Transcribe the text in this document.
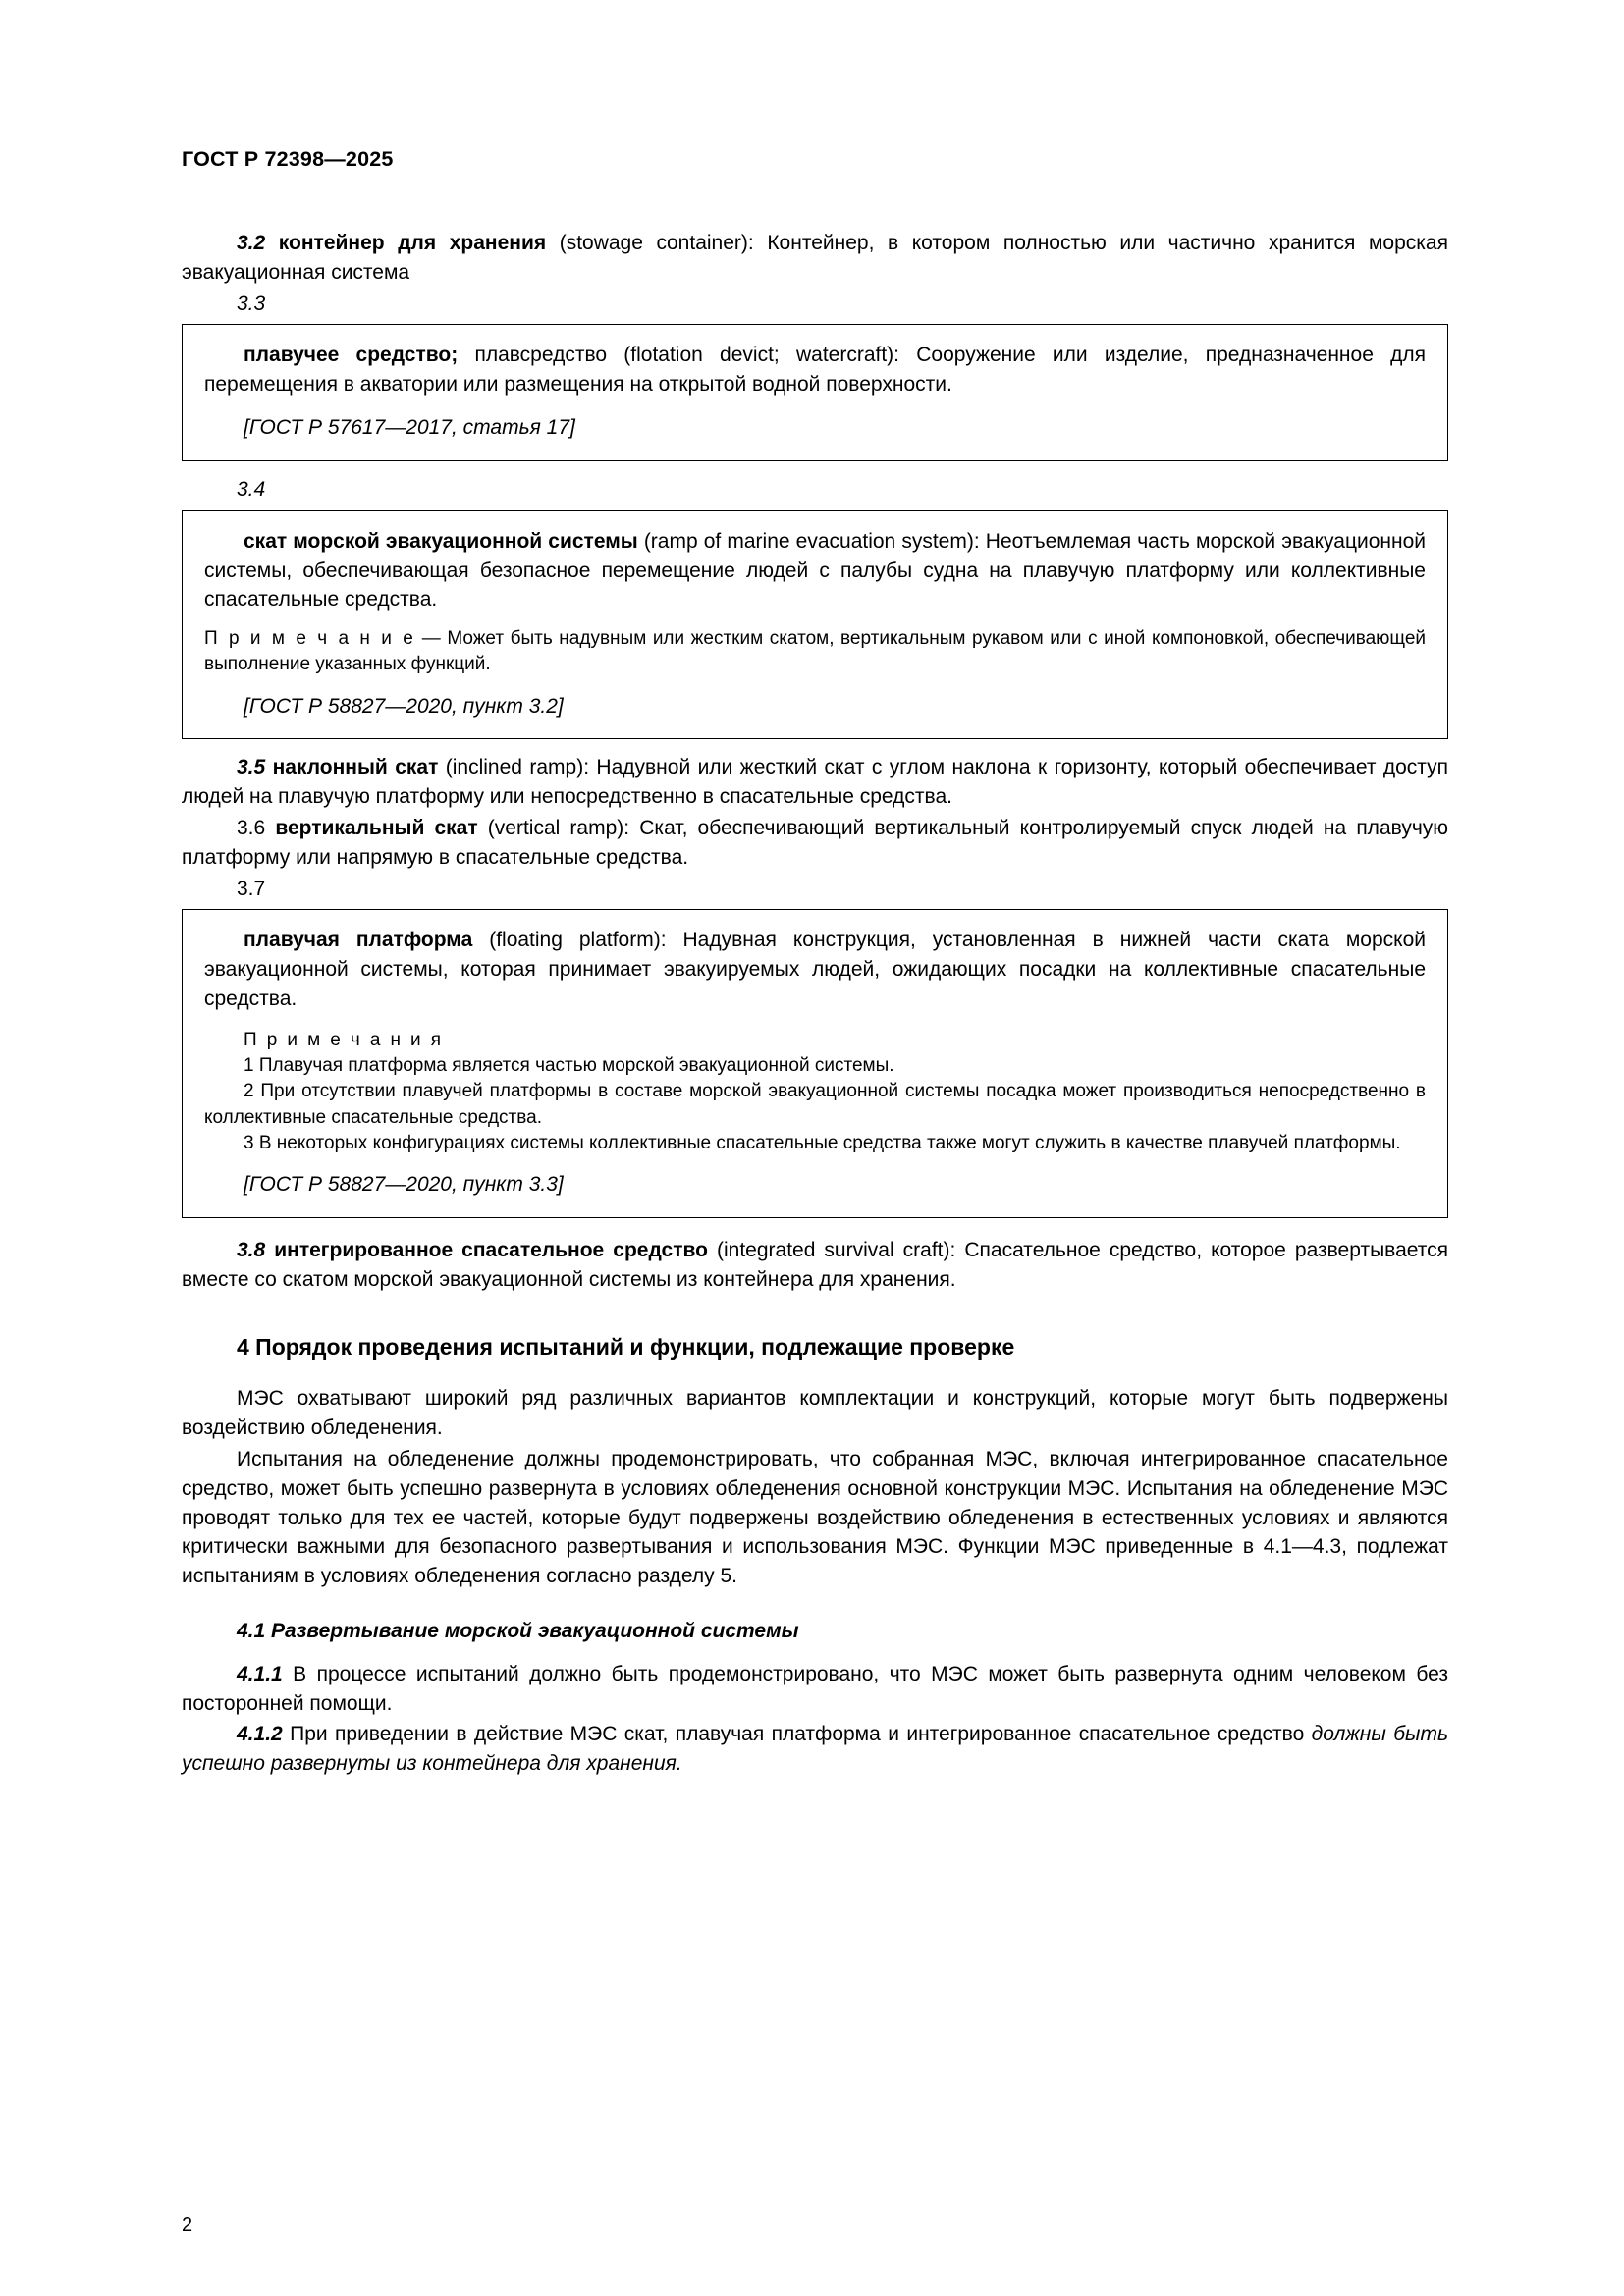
ГОСТ Р 72398—2025

3.2 контейнер для хранения (stowage container): Контейнер, в котором полностью или частично хранится морская эвакуационная система

3.3

плавучее средство; плавсредство (flotation devict; watercraft): Сооружение или изделие, предназначенное для перемещения в акватории или размещения на открытой водной поверхности.

[ГОСТ Р 57617—2017, статья 17]

3.4

скат морской эвакуационной системы (ramp of marine evacuation system): Неотъемлемая часть морской эвакуационной системы, обеспечивающая безопасное перемещение людей с палубы судна на плавучую платформу или коллективные спасательные средства.

П р и м е ч а н и е — Может быть надувным или жестким скатом, вертикальным рукавом или с иной компоновкой, обеспечивающей выполнение указанных функций.

[ГОСТ Р 58827—2020, пункт 3.2]

3.5 наклонный скат (inclined ramp): Надувной или жесткий скат с углом наклона к горизонту, который обеспечивает доступ людей на плавучую платформу или непосредственно в спасательные средства.

3.6 вертикальный скат (vertical ramp): Скат, обеспечивающий вертикальный контролируемый спуск людей на плавучую платформу или напрямую в спасательные средства.

3.7

плавучая платформа (floating platform): Надувная конструкция, установленная в нижней части ската морской эвакуационной системы, которая принимает эвакуируемых людей, ожидающих посадки на коллективные спасательные средства.

П р и м е ч а н и я

1 Плавучая платформа является частью морской эвакуационной системы.

2 При отсутствии плавучей платформы в составе морской эвакуационной системы посадка может производиться непосредственно в коллективные спасательные средства.

3 В некоторых конфигурациях системы коллективные спасательные средства также могут служить в качестве плавучей платформы.

[ГОСТ Р 58827—2020, пункт 3.3]

3.8 интегрированное спасательное средство (integrated survival craft): Спасательное средство, которое развертывается вместе со скатом морской эвакуационной системы из контейнера для хранения.

4 Порядок проведения испытаний и функции, подлежащие проверке

МЭС охватывают широкий ряд различных вариантов комплектации и конструкций, которые могут быть подвержены воздействию обледенения.

Испытания на обледенение должны продемонстрировать, что собранная МЭС, включая интегрированное спасательное средство, может быть успешно развернута в условиях обледенения основной конструкции МЭС. Испытания на обледенение МЭС проводят только для тех ее частей, которые будут подвержены воздействию обледенения в естественных условиях и являются критически важными для безопасного развертывания и использования МЭС. Функции МЭС приведенные в 4.1—4.3, подлежат испытаниям в условиях обледенения согласно разделу 5.

4.1 Развертывание морской эвакуационной системы

4.1.1 В процессе испытаний должно быть продемонстрировано, что МЭС может быть развернута одним человеком без посторонней помощи.

4.1.2 При приведении в действие МЭС скат, плавучая платформа и интегрированное спасательное средство должны быть успешно развернуты из контейнера для хранения.

2
